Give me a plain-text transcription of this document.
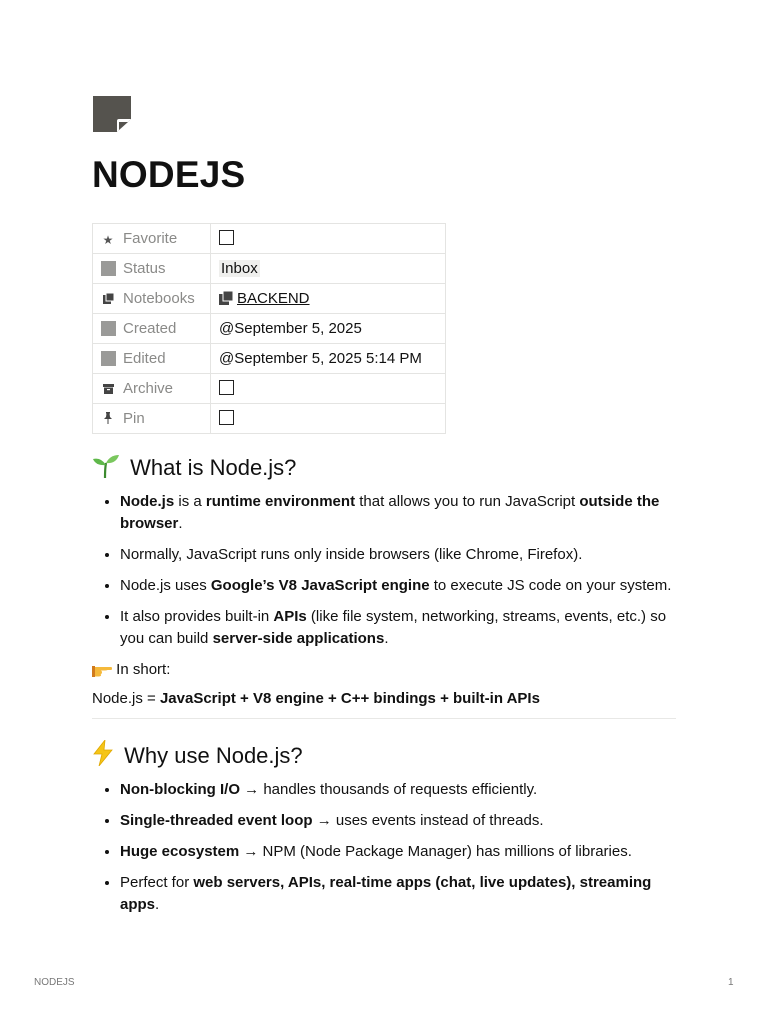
NODEJS
★ Favorite	
Status	Inbox
Notebooks	BACKEND
Created	@September 5, 2025
Edited	@September 5, 2025 5:14 PM
Archive	
Pin	
What is Node.js?
• Node.js is a runtime environment that allows you to run JavaScript outside the browser.
• Normally, JavaScript runs only inside browsers (like Chrome, Firefox).
• Node.js uses Google’s V8 JavaScript engine to execute JS code on your system.
• It also provides built-in APIs (like file system, networking, streams, events, etc.) so you can build server-side applications.

In short:

Node.js = JavaScript + V8 engine + C++ bindings + built-in APIs

Why use Node.js?
• Non-blocking I/O → handles thousands of requests efficiently.
• Single-threaded event loop → uses events instead of threads.
• Huge ecosystem → NPM (Node Package Manager) has millions of libraries.
• Perfect for web servers, APIs, real-time apps (chat, live updates), streaming apps.
NODEJS	1
